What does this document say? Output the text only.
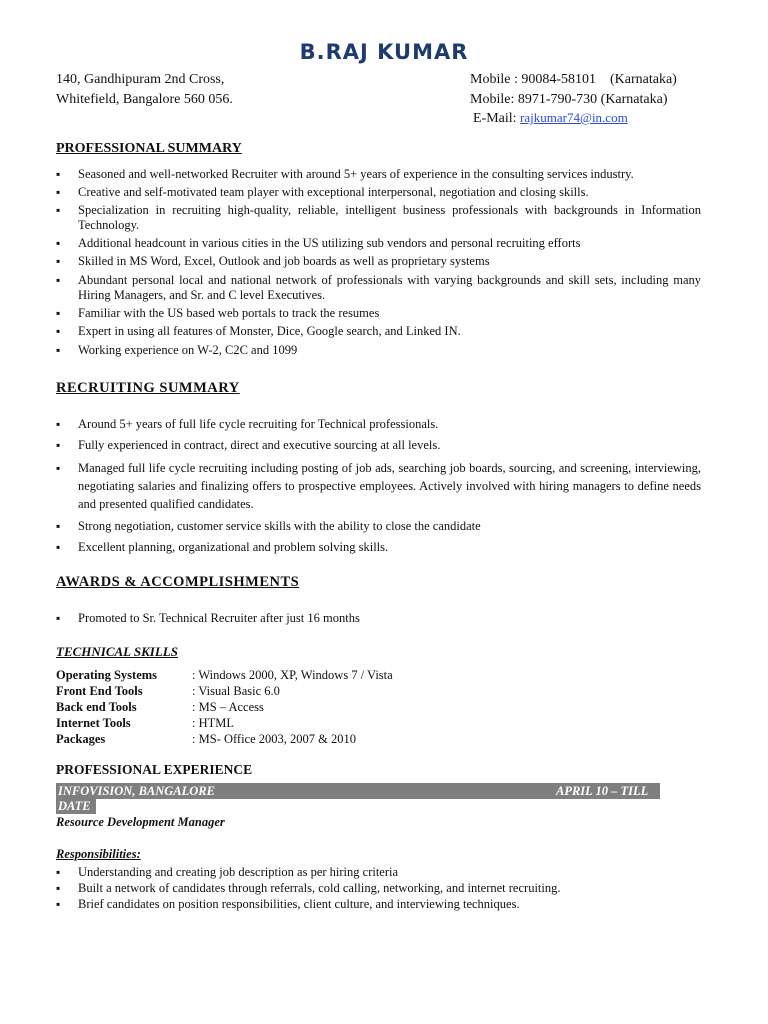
B.RAJ KUMAR
140, Gandhipuram 2nd Cross,
Whitefield, Bangalore 560 056.
Mobile : 90084-58101    (Karnataka)
Mobile: 8971-790-730 (Karnataka)
E-Mail: rajkumar74@in.com
PROFESSIONAL SUMMARY
▪ Seasoned and well-networked Recruiter with around 5+ years of experience in the consulting services industry.
▪ Creative and self-motivated team player with exceptional interpersonal, negotiation and closing skills.
▪ Specialization in recruiting high-quality, reliable, intelligent business professionals with backgrounds in Information Technology.
▪ Additional headcount in various cities in the US utilizing sub vendors and personal recruiting efforts
▪ Skilled in MS Word, Excel, Outlook and job boards as well as proprietary systems
▪ Abundant personal local and national network of professionals with varying backgrounds and skill sets, including many Hiring Managers, and Sr. and C level Executives.
▪ Familiar with the US based web portals to track the resumes
▪ Expert in using all features of Monster, Dice, Google search, and Linked IN.
▪ Working experience on W-2, C2C and 1099
RECRUITING SUMMARY
▪ Around 5+ years of full life cycle recruiting for Technical professionals.
▪ Fully experienced in contract, direct and executive sourcing at all levels.
▪ Managed full life cycle recruiting including posting of job ads, searching job boards, sourcing, and screening, interviewing, negotiating salaries and finalizing offers to prospective employees. Actively involved with hiring managers to define needs and presented qualified candidates.
▪ Strong negotiation, customer service skills with the ability to close the candidate
▪ Excellent planning, organizational and problem solving skills.
AWARDS & ACCOMPLISHMENTS
▪ Promoted to Sr. Technical Recruiter after just 16 months
TECHNICAL SKILLS
Operating Systems	: Windows 2000, XP, Windows 7 / Vista
Front End Tools	: Visual Basic 6.0
Back end Tools	: MS – Access
Internet Tools	: HTML
Packages	: MS- Office 2003, 2007 & 2010
PROFESSIONAL EXPERIENCE
INFOVISION, BANGALORE	APRIL 10 – TILL
DATE
Resource Development Manager
Responsibilities:
▪ Understanding and creating job description as per hiring criteria
▪ Built a network of candidates through referrals, cold calling, networking, and internet recruiting.
▪ Brief candidates on position responsibilities, client culture, and interviewing techniques.
